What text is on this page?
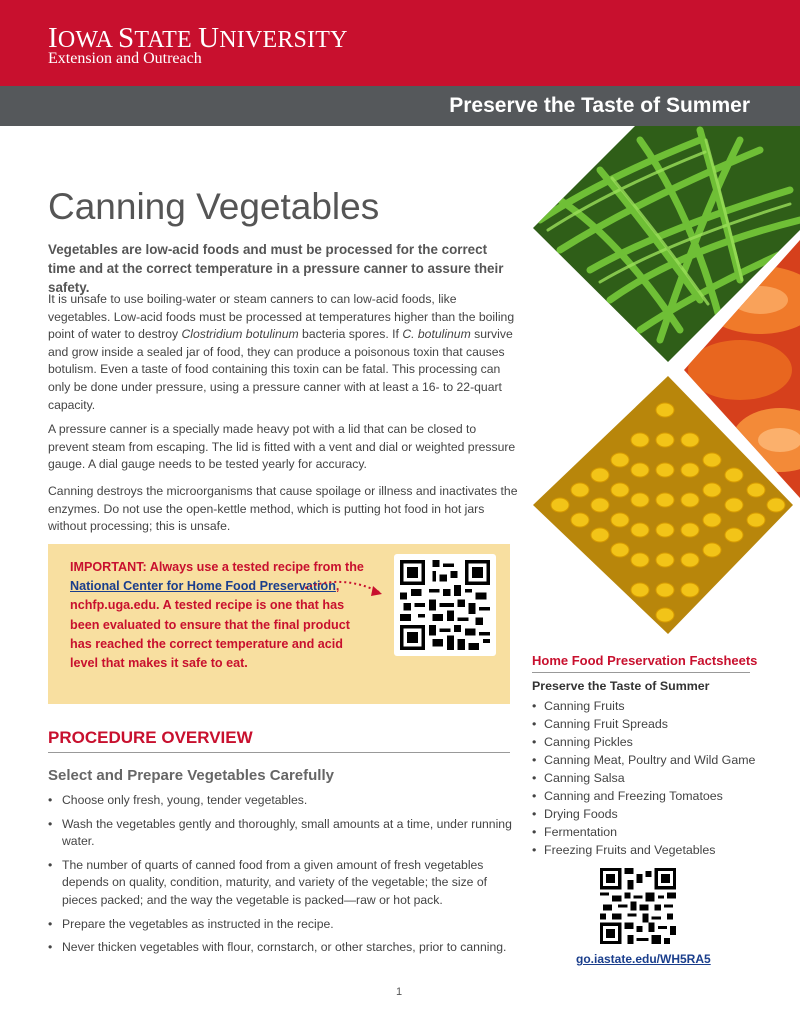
IOWA STATE UNIVERSITY
Extension and Outreach
Preserve the Taste of Summer
Canning Vegetables

Vegetables are low-acid foods and must be processed for the correct time and at the correct temperature in a pressure canner to assure their safety.

It is unsafe to use boiling-water or steam canners to can low-acid foods, like vegetables. Low-acid foods must be processed at temperatures higher than the boiling point of water to destroy Clostridium botulinum bacteria spores. If C. botulinum survive and grow inside a sealed jar of food, they can produce a poisonous toxin that causes botulism. Even a taste of food containing this toxin can be fatal. This processing can only be done under pressure, using a pressure canner with at least a 16- to 22-quart capacity.

A pressure canner is a specially made heavy pot with a lid that can be closed to prevent steam from escaping. The lid is fitted with a vent and dial or weighted pressure gauge. A dial gauge needs to be tested yearly for accuracy.

Canning destroys the microorganisms that cause spoilage or illness and inactivates the enzymes. Do not use the open-kettle method, which is putting hot food in hot jars without processing; this is unsafe.

IMPORTANT: Always use a tested recipe from the National Center for Home Food Preservation, nchfp.uga.edu. A tested recipe is one that has been evaluated to ensure that the final product has reached the correct temperature and acid level that makes it safe to eat.

PROCEDURE OVERVIEW
Select and Prepare Vegetables Carefully
• Choose only fresh, young, tender vegetables.
• Wash the vegetables gently and thoroughly, small amounts at a time, under running water.
• The number of quarts of canned food from a given amount of fresh vegetables depends on quality, condition, maturity, and variety of the vegetable; the size of pieces packed; and the way the vegetable is packed—raw or hot pack.
• Prepare the vegetables as instructed in the recipe.
• Never thicken vegetables with flour, cornstarch, or other starches, prior to canning.
1
Home Food Preservation Factsheets
Preserve the Taste of Summer
• Canning Fruits
• Canning Fruit Spreads
• Canning Pickles
• Canning Meat, Poultry and Wild Game
• Canning Salsa
• Canning and Freezing Tomatoes
• Drying Foods
• Fermentation
• Freezing Fruits and Vegetables
go.iastate.edu/WH5RA5
